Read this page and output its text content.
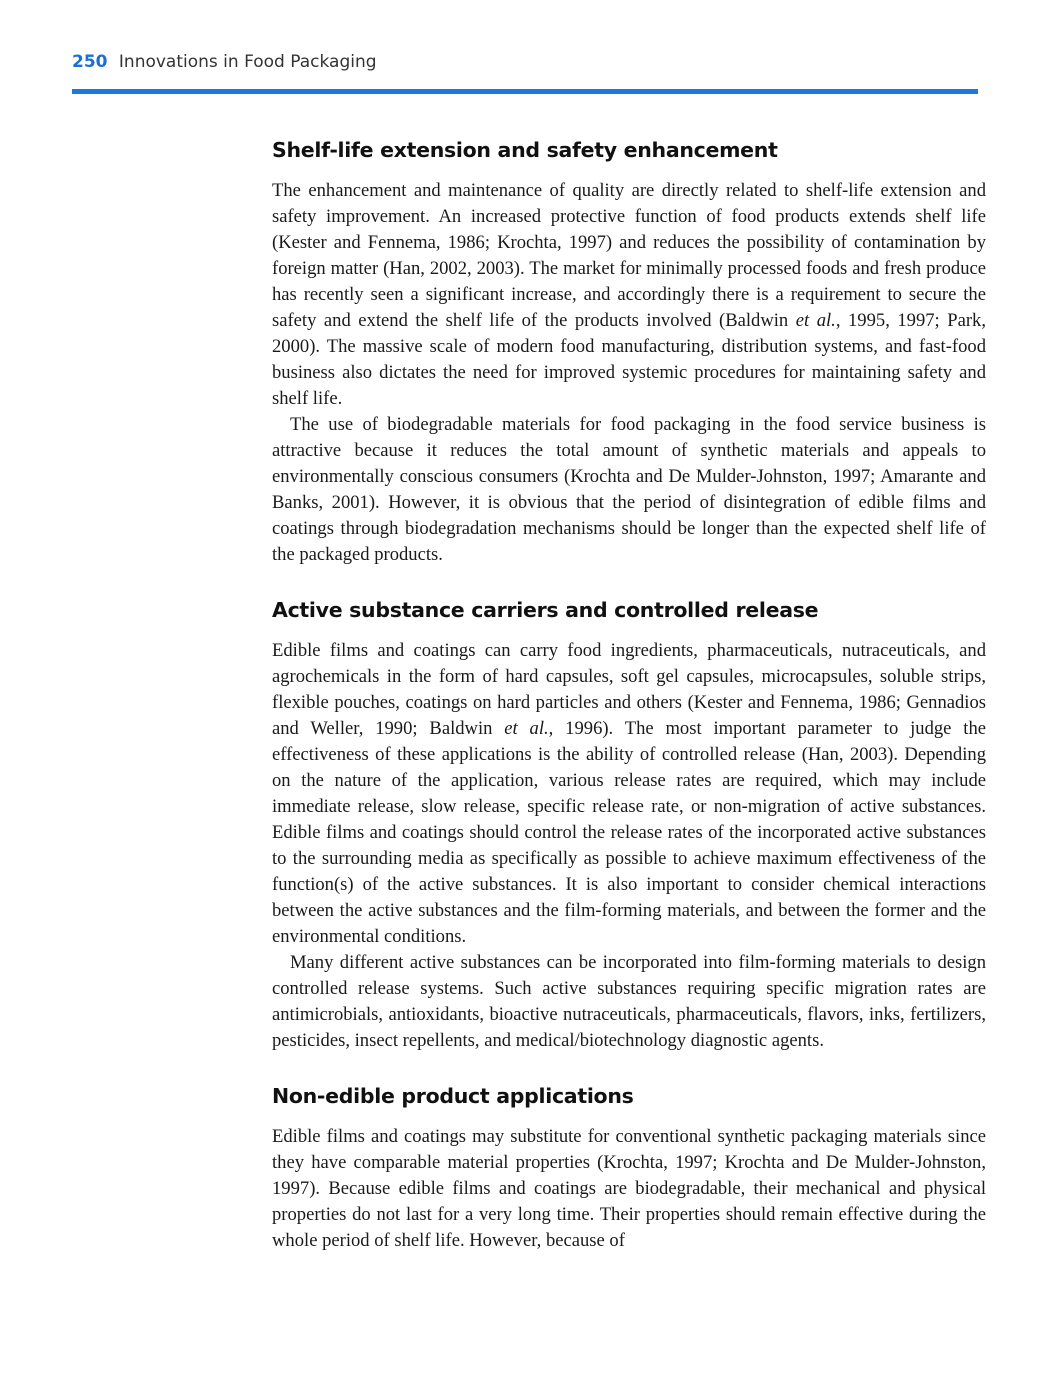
250 Innovations in Food Packaging
Shelf-life extension and safety enhancement

The enhancement and maintenance of quality are directly related to shelf-life extension and safety improvement. An increased protective function of food products extends shelf life (Kester and Fennema, 1986; Krochta, 1997) and reduces the possibility of contamination by foreign matter (Han, 2002, 2003). The market for minimally processed foods and fresh produce has recently seen a significant increase, and accordingly there is a requirement to secure the safety and extend the shelf life of the products involved (Baldwin et al., 1995, 1997; Park, 2000). The massive scale of modern food manufacturing, distribution systems, and fast-food business also dictates the need for improved systemic procedures for maintaining safety and shelf life.

The use of biodegradable materials for food packaging in the food service business is attractive because it reduces the total amount of synthetic materials and appeals to environmentally conscious consumers (Krochta and De Mulder-Johnston, 1997; Amarante and Banks, 2001). However, it is obvious that the period of disintegration of edible films and coatings through biodegradation mechanisms should be longer than the expected shelf life of the packaged products.

Active substance carriers and controlled release

Edible films and coatings can carry food ingredients, pharmaceuticals, nutraceuticals, and agrochemicals in the form of hard capsules, soft gel capsules, microcapsules, soluble strips, flexible pouches, coatings on hard particles and others (Kester and Fennema, 1986; Gennadios and Weller, 1990; Baldwin et al., 1996). The most important parameter to judge the effectiveness of these applications is the ability of controlled release (Han, 2003). Depending on the nature of the application, various release rates are required, which may include immediate release, slow release, specific release rate, or non-migration of active substances. Edible films and coatings should control the release rates of the incorporated active substances to the surrounding media as specifically as possible to achieve maximum effectiveness of the function(s) of the active substances. It is also important to consider chemical interactions between the active substances and the film-forming materials, and between the former and the environmental conditions.

Many different active substances can be incorporated into film-forming materials to design controlled release systems. Such active substances requiring specific migration rates are antimicrobials, antioxidants, bioactive nutraceuticals, pharmaceuticals, flavors, inks, fertilizers, pesticides, insect repellents, and medical/biotechnology diagnostic agents.

Non-edible product applications

Edible films and coatings may substitute for conventional synthetic packaging materials since they have comparable material properties (Krochta, 1997; Krochta and De Mulder-Johnston, 1997). Because edible films and coatings are biodegradable, their mechanical and physical properties do not last for a very long time. Their properties should remain effective during the whole period of shelf life. However, because of
